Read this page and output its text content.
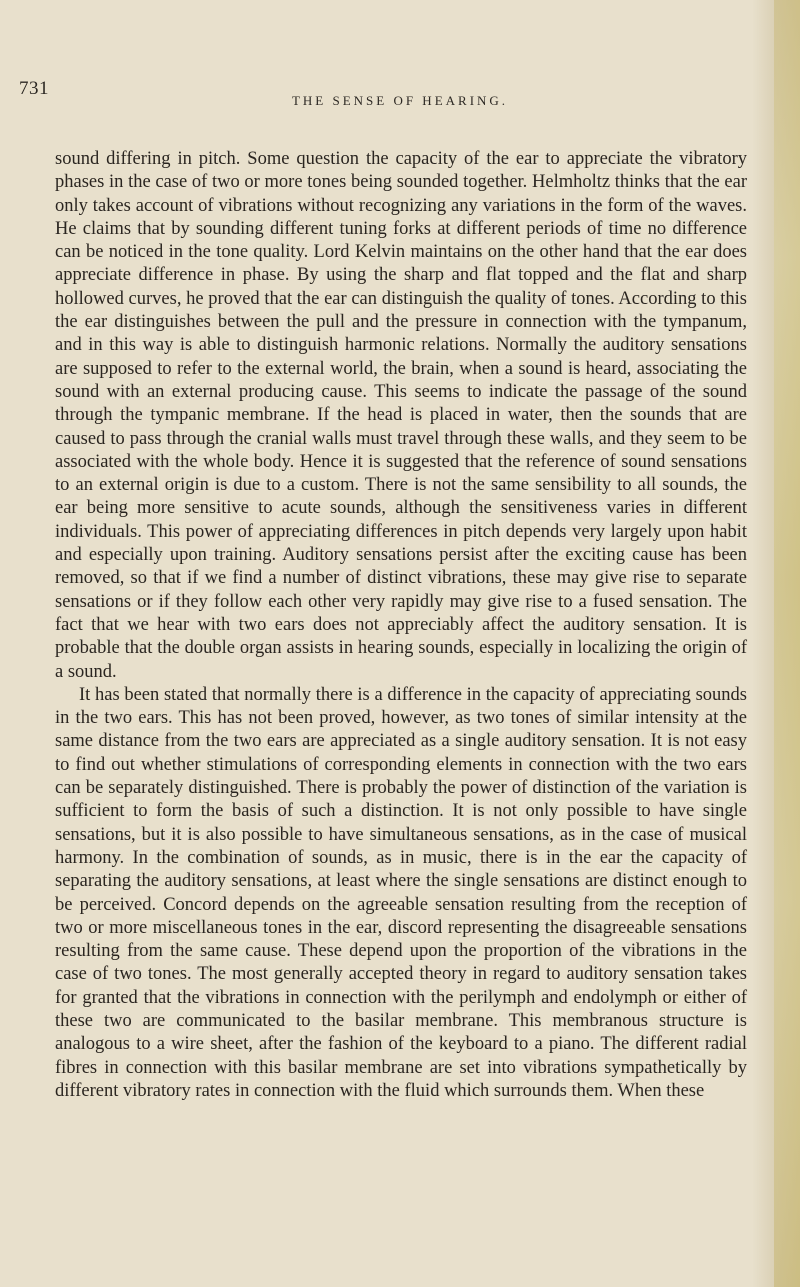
731
THE SENSE OF HEARING.

sound differing in pitch. Some question the capacity of the ear to appreciate the vibratory phases in the case of two or more tones being sounded together. Helmholtz thinks that the ear only takes account of vibrations without recognizing any variations in the form of the waves. He claims that by sounding different tuning forks at different periods of time no difference can be noticed in the tone quality. Lord Kelvin maintains on the other hand that the ear does appreciate difference in phase. By using the sharp and flat topped and the flat and sharp hollowed curves, he proved that the ear can distinguish the quality of tones. According to this the ear distinguishes between the pull and the pressure in connection with the tympanum, and in this way is able to distinguish harmonic relations. Normally the auditory sensations are supposed to refer to the external world, the brain, when a sound is heard, associating the sound with an external producing cause. This seems to indicate the passage of the sound through the tympanic membrane. If the head is placed in water, then the sounds that are caused to pass through the cranial walls must travel through these walls, and they seem to be associated with the whole body. Hence it is suggested that the reference of sound sensations to an external origin is due to a custom. There is not the same sensibility to all sounds, the ear being more sensitive to acute sounds, although the sensitiveness varies in different individuals. This power of appreciating differences in pitch depends very largely upon habit and especially upon training. Auditory sensations persist after the exciting cause has been removed, so that if we find a number of distinct vibrations, these may give rise to separate sensations or if they follow each other very rapidly may give rise to a fused sensation. The fact that we hear with two ears does not appreciably affect the auditory sensation. It is probable that the double organ assists in hearing sounds, especially in localizing the origin of a sound.

It has been stated that normally there is a difference in the capacity of appreciating sounds in the two ears. This has not been proved, however, as two tones of similar intensity at the same distance from the two ears are appreciated as a single auditory sensation. It is not easy to find out whether stimulations of corresponding elements in connection with the two ears can be separately distinguished. There is probably the power of distinction of the variation is sufficient to form the basis of such a distinction. It is not only possible to have single sensations, but it is also possible to have simultaneous sensations, as in the case of musical harmony. In the combination of sounds, as in music, there is in the ear the capacity of separating the auditory sensations, at least where the single sensations are distinct enough to be perceived. Concord depends on the agreeable sensation resulting from the reception of two or more miscellaneous tones in the ear, discord representing the disagreeable sensations resulting from the same cause. These depend upon the proportion of the vibrations in the case of two tones. The most generally accepted theory in regard to auditory sensation takes for granted that the vibrations in connection with the perilymph and endolymph or either of these two are communicated to the basilar membrane. This membranous structure is analogous to a wire sheet, after the fashion of the keyboard to a piano. The different radial fibres in connection with this basilar membrane are set into vibrations sympathetically by different vibratory rates in connection with the fluid which surrounds them. When these
